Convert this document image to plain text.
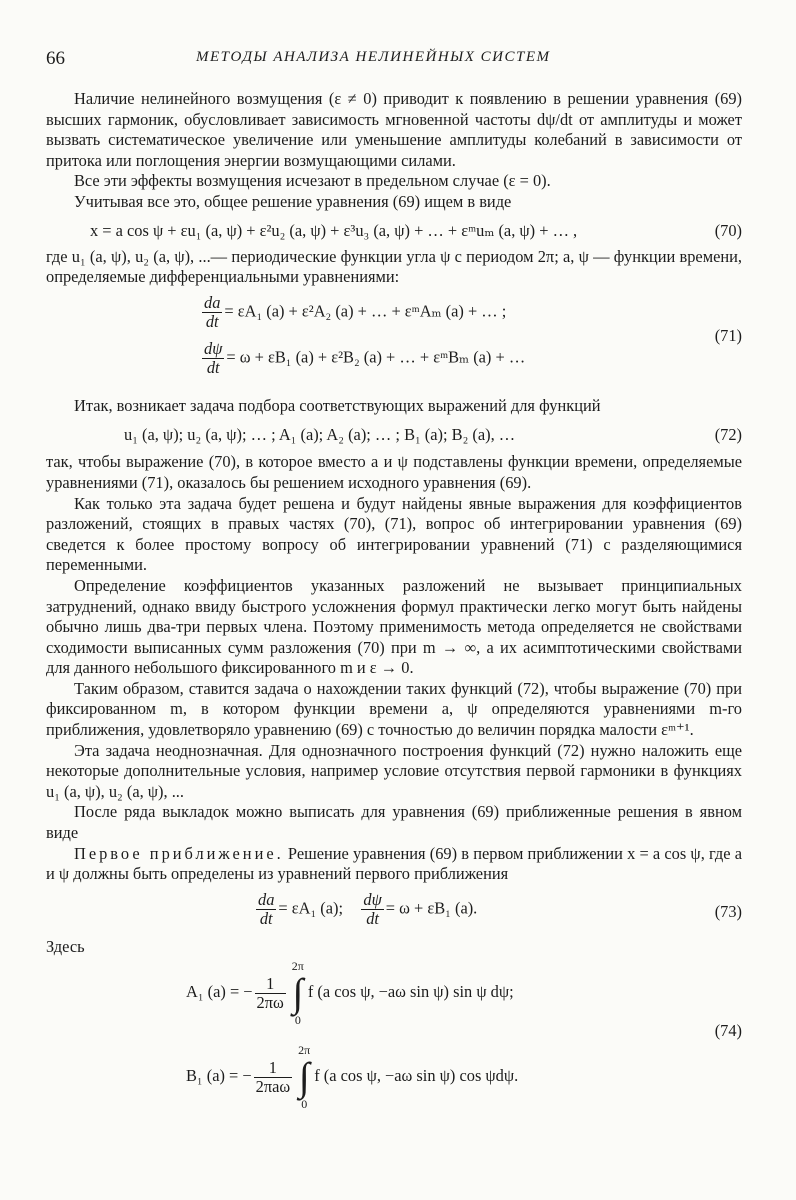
66	МЕТОДЫ АНАЛИЗА НЕЛИНЕЙНЫХ СИСТЕМ

Наличие нелинейного возмущения (ε ≠ 0) приводит к появлению в решении уравнения (69) высших гармоник, обусловливает зависимость мгновенной частоты dψ/dt от амплитуды и может вызвать систематическое увеличение или уменьшение амплитуды колебаний в зависимости от притока или поглощения энергии возмущающими силами.

Все эти эффекты возмущения исчезают в предельном случае (ε = 0).

Учитывая все это, общее решение уравнения (69) ищем в виде

x = a cos ψ + εu₁ (a, ψ) + ε²u₂ (a, ψ) + ε³u₃ (a, ψ) + … + εᵐuₘ (a, ψ) + … ,	(70)

где u₁ (a, ψ), u₂ (a, ψ), ...— периодические функции угла ψ с периодом 2π; a, ψ — функции времени, определяемые дифференциальными уравнениями:

$\frac{da}{dt} = \varepsilon A_1$ (a) + ε²A₂ (a) + … + εᵐAₘ (a) + … ;
(71)
$\frac{d\psi}{dt} = \omega + \varepsilon B_1$ (a) + ε²B₂ (a) + … + εᵐBₘ (a) + …

Итак, возникает задача подбора соответствующих выражений для функций

u₁ (a, ψ); u₂ (a, ψ); … ; A₁ (a); A₂ (a); … ; B₁ (a); B₂ (a), …	(72)

так, чтобы выражение (70), в которое вместо a и ψ подставлены функции времени, определяемые уравнениями (71), оказалось бы решением исходного уравнения (69).

Как только эта задача будет решена и будут найдены явные выражения для коэффициентов разложений, стоящих в правых частях (70), (71), вопрос об интегрировании уравнения (69) сведется к более простому вопросу об интегрировании уравнений (71) с разделяющимися переменными.

Определение коэффициентов указанных разложений не вызывает принципиальных затруднений, однако ввиду быстрого усложнения формул практически легко могут быть найдены обычно лишь два-три первых члена. Поэтому применимость метода определяется не свойствами сходимости выписанных сумм разложения (70) при m → ∞, а их асимптотическими свойствами для данного небольшого фиксированного m и ε → 0.

Таким образом, ставится задача о нахождении таких функций (72), чтобы выражение (70) при фиксированном m, в котором функции времени a, ψ определяются уравнениями m-го приближения, удовлетворяло уравнению (69) с точностью до величин порядка малости εᵐ⁺¹.

Эта задача неоднозначная. Для однозначного построения функций (72) нужно наложить еще некоторые дополнительные условия, например условие отсутствия первой гармоники в функциях u₁ (a, ψ), u₂ (a, ψ), ...

После ряда выкладок можно выписать для уравнения (69) приближенные решения в явном виде

Первое приближение. Решение уравнения (69) в первом приближении x = a cos ψ, где a и ψ должны быть определены из уравнений первого приближения

$\frac{da}{dt} = \varepsilon A_1$ (a); $\frac{d\psi}{dt} = \omega + \varepsilon B_1$ (a).	(73)

Здесь

A₁ (a) = − $\frac{1}{2\pi\omega}$
2π
∫
0
f (a cos ψ, −aω sin ψ) sin ψ dψ;
(74)
B₁ (a) = − $\frac{1}{\text{2πaω}}$
2π
∫
0
f (a cos ψ, −aω sin ψ) cos ψdψ.
